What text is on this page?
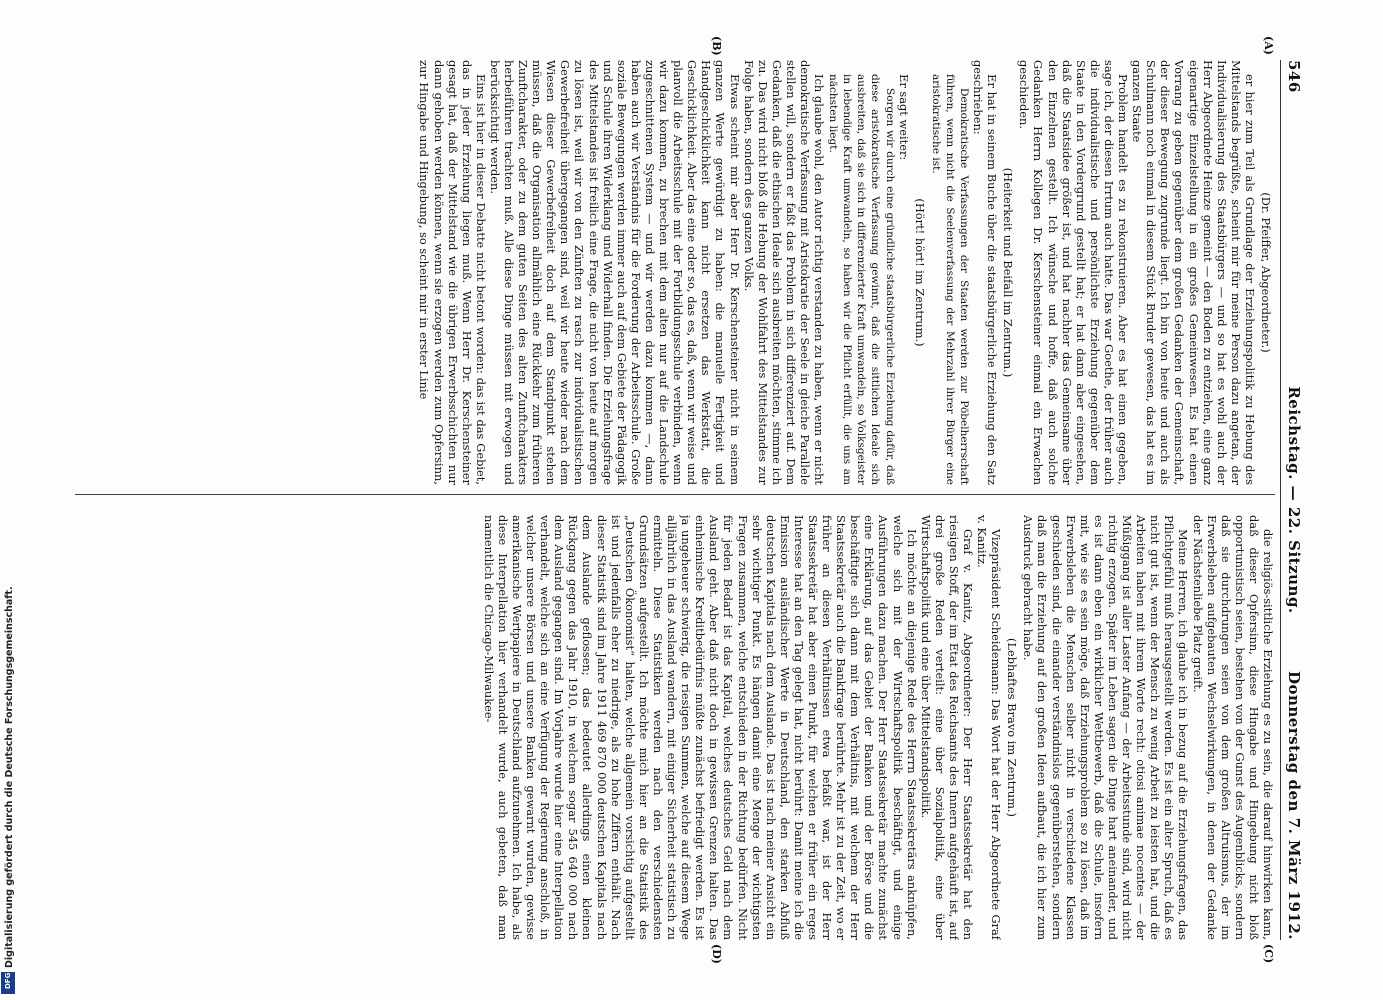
546
Reichstag. — 22. Sitzung.
Donnerstag den 7. März 1912.
(A)
(B)
(C)
(D)

(Dr. Pfeiffer, Abgeordneter.)

er hier zum Teil als Grundlage der Erziehungspolitik zu Hebung des Mittelstands begrüßte, scheint mir für meine Person dazu angetan, der Individualisierung des Staatsbürgers — und so hat es wohl auch der Herr Abgeordnete Heinze gemeint — den Boden zu entziehen, eine ganz eigenartige Einzelstellung in ein großes Gemeinwesen. Es hat einen Vorrang zu geben gegenüber dem großen Gedanken der Gemeinschaft, der dieser Bewegung zugrunde liegt. Ich bin von heute und auch als Schulmann noch einmal in diesem Stück Bruder gewesen, das hat es im ganzen Staate

Problem handelt es zu rekonstruieren. Aber es hat einen gegeben, sage ich, der diesen Irrtum auch hatte. Das war Goethe, der früher auch die individualistische und persönlichste Erziehung gegenüber dem Staate in den Vordergrund gestellt hat; er hat dann aber eingesehen, daß die Staatsidee größer ist, und hat nachher das Gemeinsame über den Einzelnen gestellt. Ich wünsche und hoffe, daß auch solche Gedanken Herrn Kollegen Dr. Kerschensteiner einmal ein Erwachen geschieden.

(Heiterkeit und Beifall im Zentrum.)

Er hat in seinem Buche über die staatsbürgerliche Erziehung den Satz geschrieben:

Demokratische Verfassungen der Staaten werden zur Pöbelherrschaft führen, wenn nicht die Seelenverfassung der Mehrzahl ihrer Bürger eine aristokratische ist.

(Hört! hört! im Zentrum.)

Er sagt weiter:

Sorgen wir durch eine gründliche staatsbürgerliche Erziehung dafür, daß diese aristokratische Verfassung gewinnt, daß die sittlichen Ideale sich ausbreiten, daß sie sich in differenzierter Kraft umwandeln, so Volksgeister in lebendige Kraft umwandeln, so haben wir die Pflicht erfüllt, die uns am nächsten liegt.

Ich glaube wohl, den Autor richtig verstanden zu haben, wenn er nicht demokratische Verfassung mit Aristokratie der Seele in gleiche Parallele stellen will, sondern er faßt das Problem in sich differenziert auf. Dem Gedanken, daß die ethischen Ideale sich ausbreiten möchten, stimme ich zu. Das wird nicht bloß die Hebung der Wohlfahrt des Mittelstandes zur Folge haben, sondern des ganzen Volks.

Etwas scheint mir aber Herr Dr. Kerschensteiner nicht in seinem ganzen Werte gewürdigt zu haben: die manuelle Fertigkeit und Handgeschicklichkeit kann nicht ersetzen das Werkstatt, die Geschicklichkeit. Aber das eine oder so, das es, daß, wenn wir weise und planvoll die Arbeitsschule mit der Fortbildungsschule verbinden, wenn wir dazu kommen, zu brechen mit dem alten nur auf die Landschule zugeschnittenen System — und wir werden dazu kommen —, dann haben auch wir Verständnis für die Forderung der Arbeitsschule. Große soziale Bewegungen werden immer auch auf dem Gebiete der Pädagogik und Schule ihren Widerklang und Widerhall finden. Die Erziehungsfrage des Mittelstandes ist freilich eine Frage, die nicht von heute auf morgen zu lösen ist, weil wir von den Zünften zu rasch zur individualistischen Gewerbefreiheit übergegangen sind, weil wir heute wieder nach dem Wiesen dieser Gewerbefreiheit doch auf dem Standpunkt stehen müssen, daß die Organisation allmählich eine Rückkehr zum früheren Zunftcharakter, oder zu dem guten Seiten des alten Zunftcharakters herbeiführen trachten muß. Alle diese Dinge müssen mit erwogen und berücksichtigt werden.

Eins ist hier in dieser Debatte nicht betont worden: das ist das Gebiet, das in jeder Erziehung liegen muß. Wenn Herr Dr. Kerschensteiner gesagt hat, daß der Mittelstand wie die übrigen Erwerbsschichten nur dann gehoben werden können, wenn sie erzogen werden zum Opfersinn, zur Hingabe und Hingebung, so scheint mir in erster Linie

die religiös-sittliche Erziehung es zu sein, die darauf hinwirken kann, daß dieser Opfersinn, diese Hingabe und Hingebung nicht bloß opportunistisch seien, bestehen von der Gunst des Augenblicks, sondern daß sie durchdrungen seien von dem großen Altruismus, der im Erwerbsleben aufgebauten Wechselwirkungen, in denen der Gedanke der Nächstenliebe Platz greift.

Meine Herren, ich glaube ich in bezug auf die Erziehungsfragen, das Pflichtgefühl muß herausgestellt werden. Es ist ein alter Spruch, daß es nicht gut ist, wenn der Mensch zu wenig Arbeit zu leisten hat, und die Arbeiten haben mit ihrem Worte recht: otiosi animae nocentes — der Müßiggang ist aller Laster Anfang — der Arbeitsstunde sind, wird nicht richtig erzogen. Später im Leben sagen die Dinge hart aneinander, und es ist dann eben ein wirklicher Wettbewerb, daß die Schule, insofern mit, wie sie es sein möge, daß Erziehungsproblem so zu lösen, daß im Erwerbsleben die Menschen selber nicht in verschiedene Klassen geschieden sind, die einander verständnislos gegenüberstehen, sondern daß man die Erziehung auf den großen Ideen aufbaut, die ich hier zum Ausdruck gebracht habe.

(Lebhaftes Bravo im Zentrum.)

Vizepräsident Scheidemann: Das Wort hat der Herr Abgeordnete Graf v. Kanitz.

Graf v. Kanitz, Abgeordneter: Der Herr Staatssekretär hat den riesigen Stoff, der im Etat des Reichsamts des Innern aufgehäuft ist, auf drei große Reden verteilt: eine über Sozialpolitik, eine über Wirtschaftspolitik und eine über Mittelstandspolitik.

Ich möchte an diejenige Rede des Herrn Staatssekretärs anknüpfen, welche sich mit der Wirtschaftspolitik beschäftigt, und einige Ausführungen dazu machen. Der Herr Staatssekretär machte zunächst eine Erklärung, auf das Gebiet der Banken und der Börse und die beschäftigte sich dann mit dem Verhältnis, mit welchem der Herr Staatssekretär auch die Bankfrage berührte. Mehr ist zu der Zeit, wo er früher an diesen Verhältnissen etwa befaßt war, ist der Herr Staatssekretär hat aber einen Punkt, für welchen er früher ein reges Interesse hat an den Tag gelegt hat, nicht berührt: Damit meine ich die Emission ausländischer Werte in Deutschland, den starken Abfluß deutschen Kapitals nach dem Auslande. Das ist nach meiner Ansicht ein sehr wichtiger Punkt. Es hängen damit eine Menge der wichtigsten Fragen zusammen, welche entschieden in der Richtung bedürfen. Nicht für jeden Bedarf ist das Kapital, welches deutsches Geld nach dem Ausland geht. Aber daß nicht doch in gewissen Grenzen halten. Das einheimische Kreditbedürfnis müßte zunächst befriedigt werden. Es ist ja ungeheuer schwierig, die riesigen Summen, welche auf diesem Wege alljährlich in das Ausland wandern, mit einiger Sicherheit statistisch zu ermitteln. Diese Statistiken werden nach den verschiedensten Grundsätzen aufgestellt. Ich möchte mich hier an die Statistik des „Deutschen Ökonomist“ halten, welche allgemein vorsichtig aufgestellt ist und jedenfalls eher zu niedrige, als zu hohe Ziffern enthält. Nach dieser Statistik sind im Jahre 1911 469 870 000 deutschen Kapitals nach dem Auslande geflossen; das bedeutet allerdings einen kleinen Rückgang gegen das Jahr 1910, in welchem sogar 545 640 000 nach dem Ausland gegangen sind. Im Vorjahre wurde hier eine Interpellation verhandelt, welche sich an eine Verfügung der Regierung anschloß, in welcher unsere Börsen und unsere Banken gewarnt wurden, gewisse amerikanische Wertpapiere in Deutschland aufzunehmen. Ich habe, als diese Interpellation hier verhandelt wurde, auch gebeten, daß man namentlich die Chicago-Milwaukee-

Digitalisierung gefördert durch die Deutsche Forschungsgemeinschaft.
DFG
